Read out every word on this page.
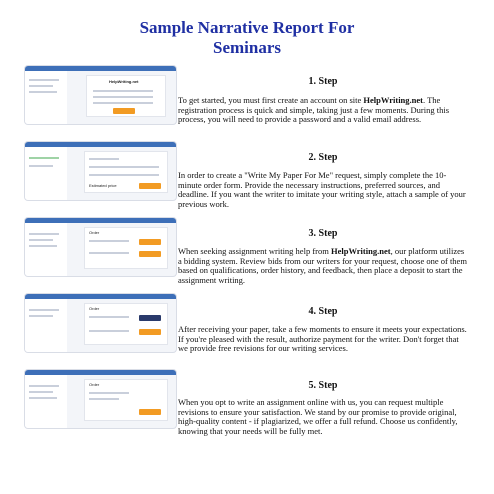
Sample Narrative Report For
Seminars
HelpWriting.net	1. Step

To get started, you must first create an account on site HelpWriting.net. The registration process is quick and simple, taking just a few moments. During this process, you will need to provide a password and a valid email address.

Estimated price
2. Step

In order to create a "Write My Paper For Me" request, simply complete the 10-minute order form. Provide the necessary instructions, preferred sources, and deadline. If you want the writer to imitate your writing style, attach a sample of your previous work.

Order	3. Step

When seeking assignment writing help from HelpWriting.net, our platform utilizes a bidding system. Review bids from our writers for your request, choose one of them based on qualifications, order history, and feedback, then place a deposit to start the assignment writing.

Order	4. Step

After receiving your paper, take a few moments to ensure it meets your expectations. If you're pleased with the result, authorize payment for the writer. Don't forget that we provide free revisions for our writing services.

Order	5. Step

When you opt to write an assignment online with us, you can request multiple revisions to ensure your satisfaction. We stand by our promise to provide original, high-quality content - if plagiarized, we offer a full refund. Choose us confidently, knowing that your needs will be fully met.
